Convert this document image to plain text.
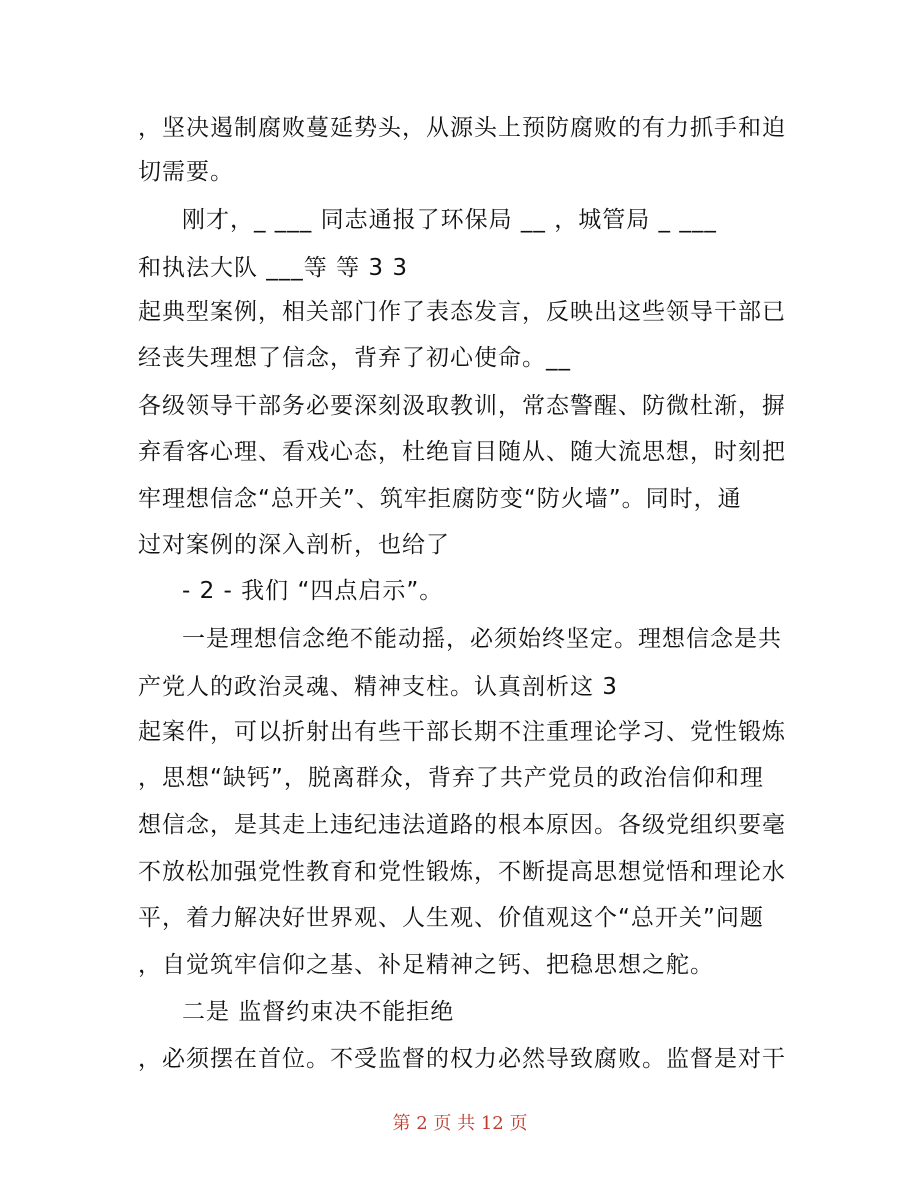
，坚决遏制腐败蔓延势头，从源头上预防腐败的有力抓手和迫
切需要。
刚才，_ ___ 同志通报了环保局 __ ，城管局 _ ___
和执法大队 ___等 等 3 3
起典型案例，相关部门作了表态发言，反映出这些领导干部已
经丧失理想了信念，背弃了初心使命。__
各级领导干部务必要深刻汲取教训，常态警醒、防微杜渐，摒
弃看客心理、看戏心态，杜绝盲目随从、随大流思想，时刻把
牢理想信念“总开关”、筑牢拒腐防变“防火墙”。同时，通
过对案例的深入剖析，也给了
- 2 - 我们 “四点启示”。
一是理想信念绝不能动摇，必须始终坚定。理想信念是共
产党人的政治灵魂、精神支柱。认真剖析这 3
起案件，可以折射出有些干部长期不注重理论学习、党性锻炼
，思想“缺钙”，脱离群众，背弃了共产党员的政治信仰和理
想信念，是其走上违纪违法道路的根本原因。各级党组织要毫
不放松加强党性教育和党性锻炼，不断提高思想觉悟和理论水
平，着力解决好世界观、人生观、价值观这个“总开关”问题
，自觉筑牢信仰之基、补足精神之钙、把稳思想之舵。
二是 监督约束决不能拒绝
，必须摆在首位。不受监督的权力必然导致腐败。监督是对干
第 2 页 共 12 页
